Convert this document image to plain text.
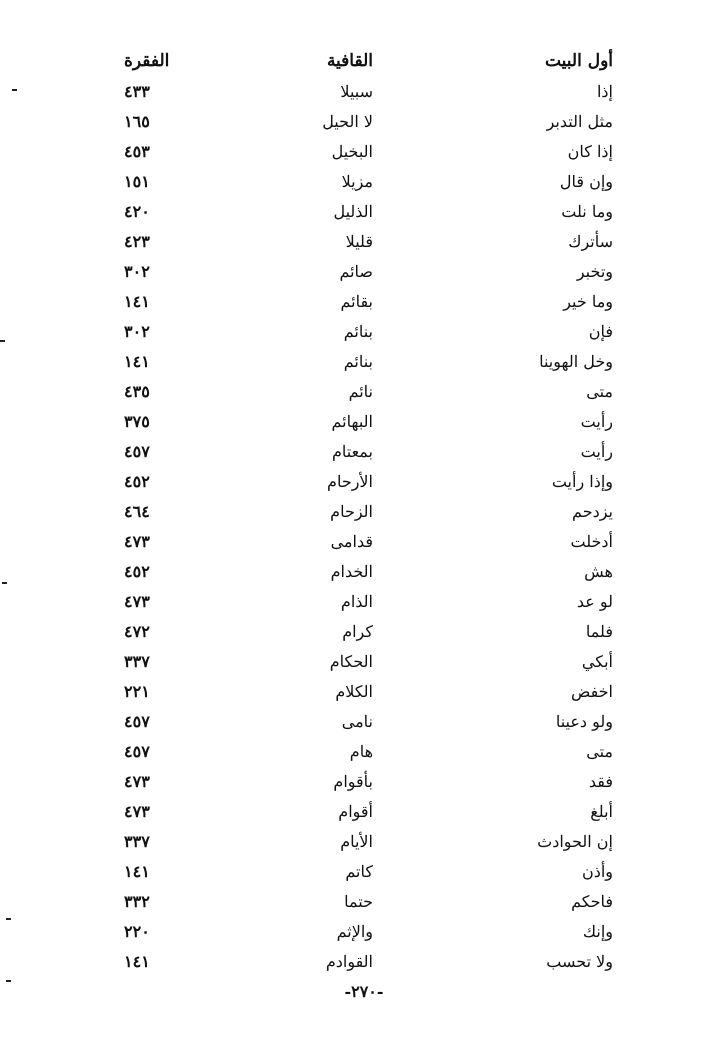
أول البيت
القافية
الفقرة
إذا
سبيلا
٤٣٣
مثل التدبر
لا الحيل
١٦٥
إذا كان
البخيل
٤٥٣
وإن قال
مزيلا
١٥١
وما نلت
الذليل
٤٢٠
سأترك
قليلا
٤٢٣
وتخبر
صائم
٣٠٢
وما خير
بقائم
١٤١
فإن
بنائم
٣٠٢
وخل الهوينا
بنائم
١٤١
متى
نائم
٤٣٥
رأيت
البهائم
٣٧٥
رأيت
بمعتام
٤٥٧
وإذا رأيت
الأرحام
٤٥٢
يزدحم
الزحام
٤٦٤
أدخلت
قدامى
٤٧٣
هش
الخدام
٤٥٢
لو عد
الذام
٤٧٣
فلما
كرام
٤٧٢
أبكي
الحكام
٣٣٧
اخفض
الكلام
٢٢١
ولو دعينا
نامى
٤٥٧
متى
هام
٤٥٧
فقد
بأقوام
٤٧٣
أبلغ
أقوام
٤٧٣
إن الحوادث
الأيام
٣٣٧
وأذن
كاتم
١٤١
فاحكم
حتما
٣٣٢
وإنك
والإثم
٢٢٠
ولا تحسب
القوادم
١٤١
-٢٧٠-
